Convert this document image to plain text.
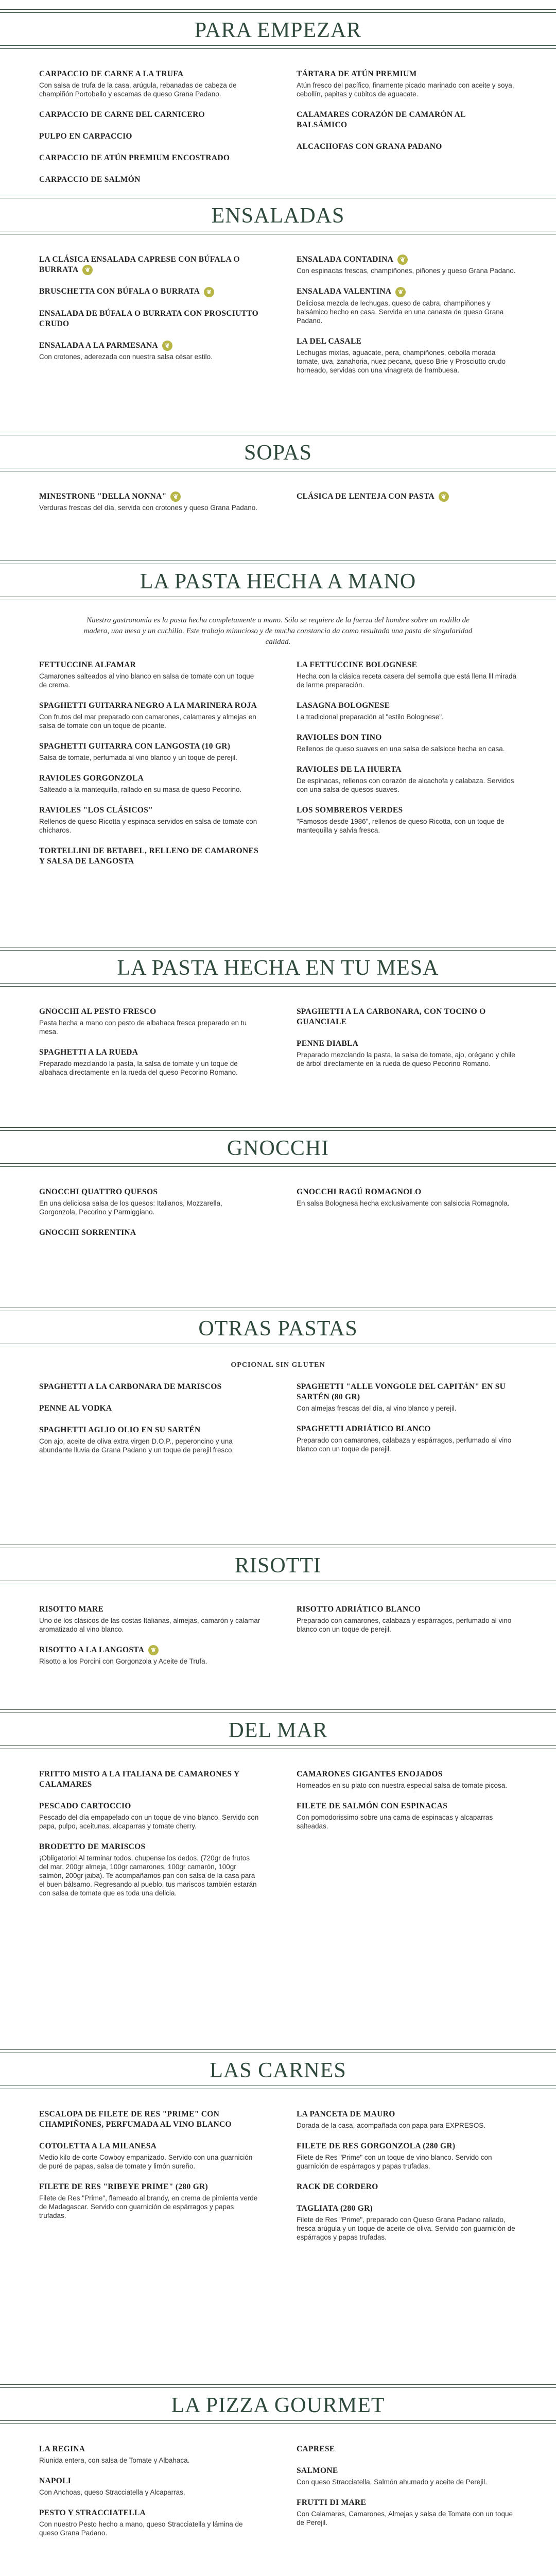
PARA EMPEZAR
CARPACCIO DE CARNE A LA TRUFA
Con salsa de trufa de la casa, arúgula, rebanadas de cabeza de champiñón Portobello y escamas de queso Grana Padano.
CARPACCIO DE CARNE DEL CARNICERO
PULPO EN CARPACCIO
CARPACCIO DE ATÚN PREMIUM ENCOSTRADO
CARPACCIO DE SALMÓN
TÁRTARA DE ATÚN PREMIUM
Atún fresco del pacífico, finamente picado marinado con aceite y soya, cebollín, papitas y cubitos de aguacate.
CALAMARES CORAZÓN DE CAMARÓN AL BALSÁMICO
ALCACHOFAS CON GRANA PADANO
ENSALADAS
LA CLÁSICA ENSALADA CAPRESE CON BÚFALA O BURRATA ❦
BRUSCHETTA CON BÚFALA O BURRATA ❦
ENSALADA DE BÚFALA O BURRATA CON PROSCIUTTO CRUDO
ENSALADA A LA PARMESANA ❦
Con crotones, aderezada con nuestra salsa césar estilo.
ENSALADA CONTADINA ❦
Con espinacas frescas, champiñones, piñones y queso Grana Padano.
ENSALADA VALENTINA ❦
Deliciosa mezcla de lechugas, queso de cabra, champiñones y balsámico hecho en casa. Servida en una canasta de queso Grana Padano.
LA DEL CASALE
Lechugas mixtas, aguacate, pera, champiñones, cebolla morada tomate, uva, zanahoria, nuez pecana, queso Brie y Prosciutto crudo horneado, servidas con una vinagreta de frambuesa.
SOPAS
MINESTRONE "DELLA NONNA" ❦
Verduras frescas del día, servida con crotones y queso Grana Padano.
CLÁSICA DE LENTEJA CON PASTA ❦
LA PASTA HECHA A MANO
Nuestra gastronomía es la pasta hecha completamente a mano. Sólo se requiere de la fuerza del hombre sobre un rodillo de madera, una mesa y un cuchillo. Este trabajo minucioso y de mucha constancia da como resultado una pasta de singularidad calidad.
FETTUCCINE ALFAMAR
Camarones salteados al vino blanco en salsa de tomate con un toque de crema.
SPAGHETTI GUITARRA NEGRO A LA MARINERA ROJA
Con frutos del mar preparado con camarones, calamares y almejas en salsa de tomate con un toque de picante.
SPAGHETTI GUITARRA CON LANGOSTA (10 GR)
Salsa de tomate, perfumada al vino blanco y un toque de perejil.
RAVIOLES GORGONZOLA
Salteado a la mantequilla, rallado en su masa de queso Pecorino.
RAVIOLES "LOS CLÁSICOS"
Rellenos de queso Ricotta y espinaca servidos en salsa de tomate con chícharos.
TORTELLINI DE BETABEL, RELLENO DE CAMARONES Y SALSA DE LANGOSTA
LA FETTUCCINE BOLOGNESE
Hecha con la clásica receta casera del semolla que está llena lll mirada de larme preparación.
LASAGNA BOLOGNESE
La tradicional preparación al "estilo Bolognese".
RAVIOLES DON TINO
Rellenos de queso suaves en una salsa de salsicce hecha en casa.
RAVIOLES DE LA HUERTA
De espinacas, rellenos con corazón de alcachofa y calabaza. Servidos con una salsa de quesos suaves.
LOS SOMBREROS VERDES
"Famosos desde 1986", rellenos de queso Ricotta, con un toque de mantequilla y salvia fresca.
LA PASTA HECHA EN TU MESA
GNOCCHI AL PESTO FRESCO
Pasta hecha a mano con pesto de albahaca fresca preparado en tu mesa.
SPAGHETTI A LA RUEDA
Preparado mezclando la pasta, la salsa de tomate y un toque de albahaca directamente en la rueda del queso Pecorino Romano.
SPAGHETTI A LA CARBONARA, CON TOCINO O GUANCIALE
PENNE DIABLA
Preparado mezclando la pasta, la salsa de tomate, ajo, orégano y chile de árbol directamente en la rueda de queso Pecorino Romano.
GNOCCHI
GNOCCHI QUATTRO QUESOS
En una deliciosa salsa de los quesos: Italianos, Mozzarella, Gorgonzola, Pecorino y Parmiggiano.
GNOCCHI SORRENTINA
GNOCCHI RAGÚ ROMAGNOLO
En salsa Bolognesa hecha exclusivamente con salsiccia Romagnola.
OTRAS PASTAS
OPCIONAL SIN GLUTEN
SPAGHETTI A LA CARBONARA DE MARISCOS
PENNE AL VODKA
SPAGHETTI AGLIO OLIO EN SU SARTÉN
Con ajo, aceite de oliva extra virgen D.O.P., peperoncino y una abundante lluvia de Grana Padano y un toque de perejil fresco.
SPAGHETTI "ALLE VONGOLE DEL CAPITÁN" EN SU SARTÉN (80 GR)
Con almejas frescas del día, al vino blanco y perejil.
SPAGHETTI ADRIÁTICO BLANCO
Preparado con camarones, calabaza y espárragos, perfumado al vino blanco con un toque de perejil.
RISOTTI
RISOTTO MARE
Uno de los clásicos de las costas Italianas, almejas, camarón y calamar aromatizado al vino blanco.
RISOTTO A LA LANGOSTA ❦
Risotto a los Porcini con Gorgonzola y Aceite de Trufa.
RISOTTO ADRIÁTICO BLANCO
Preparado con camarones, calabaza y espárragos, perfumado al vino blanco con un toque de perejil.
DEL MAR
FRITTO MISTO A LA ITALIANA DE CAMARONES Y CALAMARES
PESCADO CARTOCCIO
Pescado del día empapelado con un toque de vino blanco. Servido con papa, pulpo, aceitunas, alcaparras y tomate cherry.
BRODETTO DE MARISCOS
¡Obligatorio! Al terminar todos, chupense los dedos. (720gr de frutos del mar, 200gr almeja, 100gr camarones, 100gr camarón, 100gr salmón, 200gr jaiba). Te acompañamos pan con salsa de la casa para el buen bálsamo. Regresando al pueblo, tus mariscos también estarán con salsa de tomate que es toda una delicia.
CAMARONES GIGANTES ENOJADOS
Horneados en su plato con nuestra especial salsa de tomate picosa.
FILETE DE SALMÓN CON ESPINACAS
Con pomodorissimo sobre una cama de espinacas y alcaparras salteadas.
LAS CARNES
ESCALOPA DE FILETE DE RES "PRIME" CON CHAMPIÑONES, PERFUMADA AL VINO BLANCO
COTOLETTA A LA MILANESA
Medio kilo de corte Cowboy empanizado. Servido con una guarnición de puré de papas, salsa de tomate y limón sureño.
FILETE DE RES "RIBEYE PRIME" (280 GR)
Filete de Res "Prime", flameado al brandy, en crema de pimienta verde de Madagascar. Servido con guarnición de espárragos y papas trufadas.
LA PANCETA DE MAURO
Dorada de la casa, acompañada con papa para EXPRESOS.
FILETE DE RES GORGONZOLA (280 GR)
Filete de Res "Prime" con un toque de vino blanco. Servido con guarnición de espárragos y papas trufadas.
RACK DE CORDERO
TAGLIATA (280 GR)
Filete de Res "Prime", preparado con Queso Grana Padano rallado, fresca arúgula y un toque de aceite de oliva. Servido con guarnición de espárragos y papas trufadas.
LA PIZZA GOURMET
LA REGINA
Riunida entera, con salsa de Tomate y Albahaca.
NAPOLI
Con Anchoas, queso Stracciatella y Alcaparras.
PESTO Y STRACCIATELLA
Con nuestro Pesto hecho a mano, queso Stracciatella y lámina de queso Grana Padano.
CAPRESE
SALMONE
Con queso Stracciatella, Salmón ahumado y aceite de Perejil.
FRUTTI DI MARE
Con Calamares, Camarones, Almejas y salsa de Tomate con un toque de Perejil.
